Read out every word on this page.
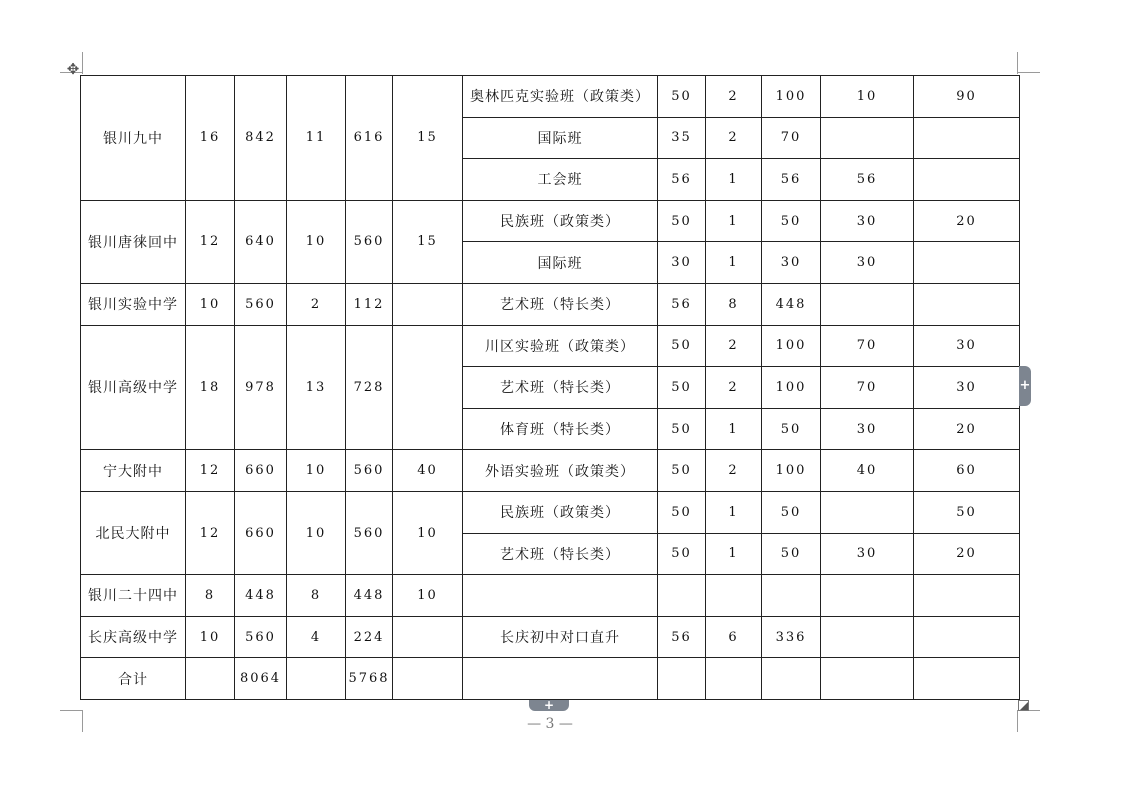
✥
银川九中	16	842	11	616	15	奥林匹克实验班（政策类）	50	2	100	10	90
						国际班	35	2	70		
						工会班	56	1	56	56	
银川唐徕回中	12	640	10	560	15	民族班（政策类）	50	1	50	30	20
						国际班	30	1	30	30	
银川实验中学	10	560	2	112		艺术班（特长类）	56	8	448		
银川高级中学	18	978	13	728		川区实验班（政策类）	50	2	100	70	30
						艺术班（特长类）	50	2	100	70	30
						体育班（特长类）	50	1	50	30	20
宁大附中	12	660	10	560	40	外语实验班（政策类）	50	2	100	40	60
北民大附中	12	660	10	560	10	民族班（政策类）	50	1	50		50
						艺术班（特长类）	50	1	50	30	20
银川二十四中	8	448	8	448	10						
长庆高级中学	10	560	4	224		长庆初中对口直升	56	6	336		
合计		8064		5768							
+
+
— 3 —
